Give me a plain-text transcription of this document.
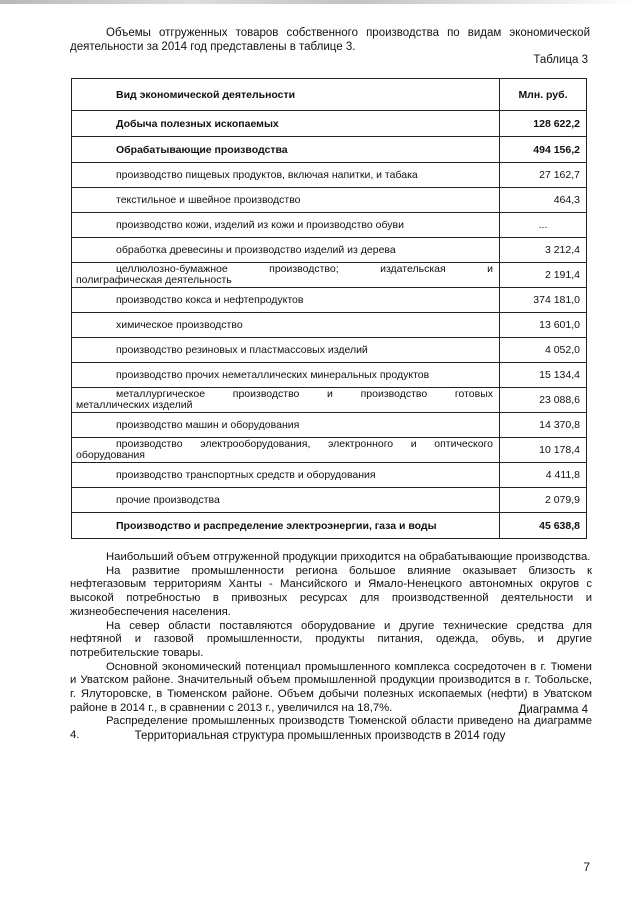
Объемы отгруженных товаров собственного производства по видам экономической деятельности за 2014 год представлены в таблице 3.

Таблица 3

Вид экономической деятельности	Млн. руб.
Добыча полезных ископаемых	128 622,2
Обрабатывающие производства	494 156,2
производство пищевых продуктов, включая напитки, и табака	27 162,7
текстильное и швейное производство	464,3
производство кожи, изделий из кожи и производство обуви	...
обработка древесины и производство изделий из дерева	3 212,4

целлюлозно-бумажное производство; издательская и
полиграфическая деятельность	2 191,4
производство кокса и нефтепродуктов	374 181,0
химическое производство	13 601,0
производство резиновых и пластмассовых изделий	4 052,0
производство прочих неметаллических минеральных продуктов	15 134,4

металлургическое производство и производство готовых
металлических изделий	23 088,6
производство машин и оборудования	14 370,8

производство электрооборудования, электронного и оптического
оборудования	10 178,4
производство транспортных средств и оборудования	4 411,8
прочие производства	2 079,9
Производство и распределение электроэнергии, газа и воды	45 638,8

Наибольший объем отгруженной продукции приходится на обрабатывающие производства.

На развитие промышленности региона большое влияние оказывает близость к нефтегазовым территориям Ханты - Мансийского и Ямало-Ненецкого автономных округов с высокой потребностью в привозных ресурсах для производственной деятельности и жизнеобеспечения населения.

На север области поставляются оборудование и другие технические средства для нефтяной и газовой промышленности, продукты питания, одежда, обувь, и другие потребительские товары.

Основной экономический потенциал промышленного комплекса сосредоточен в г. Тюмени и Уватском районе. Значительный объем промышленной продукции производится в г. Тобольске, г. Ялуторовске, в Тюменском районе. Объем добычи полезных ископаемых (нефти) в Уватском районе в 2014 г., в сравнении с 2013 г., увеличился на 18,7%.

Распределение промышленных производств Тюменской области приведено на диаграмме 4.

Диаграмма 4

Территориальная структура промышленных производств в 2014 году

7
